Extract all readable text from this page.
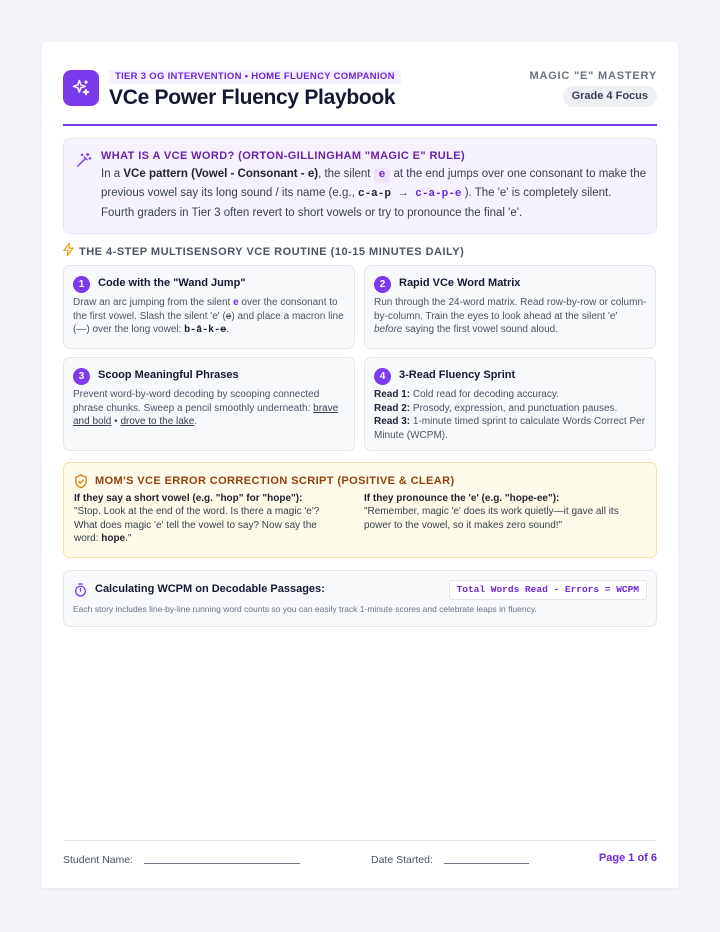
TIER 3 OG INTERVENTION • HOME FLUENCY COMPANION
VCe Power Fluency Playbook
MAGIC "E" MASTERY
Grade 4 Focus
WHAT IS A VCE WORD? (ORTON-GILLINGHAM "MAGIC E" RULE)
In a VCe pattern (Vowel - Consonant - e), the silent e at the end jumps over one consonant to make the previous vowel say its long sound / its name (e.g., c-a-p → c-a-p-e ). The 'e' is completely silent. Fourth graders in Tier 3 often revert to short vowels or try to pronounce the final 'e'.
THE 4-STEP MULTISENSORY VCE ROUTINE (10-15 MINUTES DAILY)
1	Code with the "Wand Jump"
Draw an arc jumping from the silent e over the consonant to the first vowel. Slash the silent 'e' (e) and place a macron line (—) over the long vowel: b-ā-k-e.
2	Rapid VCe Word Matrix
Run through the 24-word matrix. Read row-by-row or column-by-column. Train the eyes to look ahead at the silent 'e' before saying the first vowel sound aloud.
3	Scoop Meaningful Phrases
Prevent word-by-word decoding by scooping connected phrase chunks. Sweep a pencil smoothly underneath: brave and bold • drove to the lake.
4	3-Read Fluency Sprint
Read 1: Cold read for decoding accuracy.
Read 2: Prosody, expression, and punctuation pauses.
Read 3: 1-minute timed sprint to calculate Words Correct Per Minute (WCPM).
MOM'S VCE ERROR CORRECTION SCRIPT (POSITIVE & CLEAR)
If they say a short vowel (e.g. "hop" for "hope"):
"Stop. Look at the end of the word. Is there a magic 'e'? What does magic 'e' tell the vowel to say? Now say the word: hope."
If they pronounce the 'e' (e.g. "hope-ee"):
"Remember, magic 'e' does its work quietly—it gave all its power to the vowel, so it makes zero sound!"
Calculating WCPM on Decodable Passages:	Total Words Read - Errors = WCPM
Each story includes line-by-line running word counts so you can easily track 1-minute scores and celebrate leaps in fluency.
Student Name:	Date Started:	Page 1 of 6
